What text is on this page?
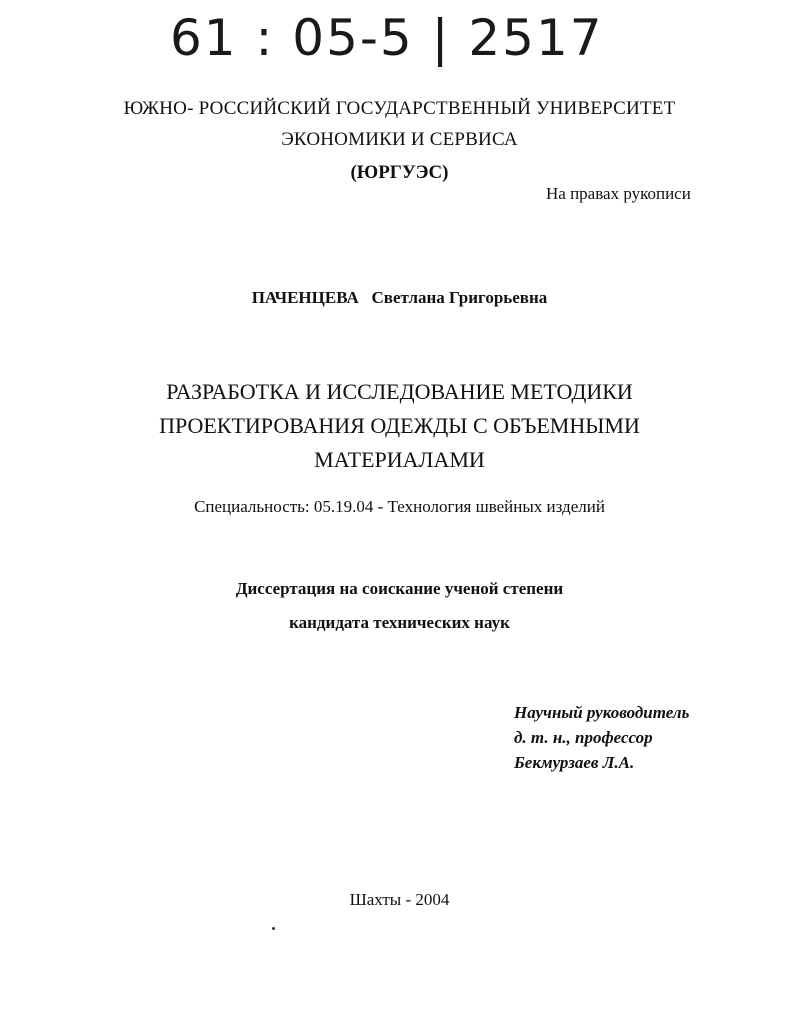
61 : 05-5 | 2517
ЮЖНО- РОССИЙСКИЙ ГОСУДАРСТВЕННЫЙ УНИВЕРСИТЕТ
ЭКОНОМИКИ И СЕРВИСА
(ЮРГУЭС)
На правах рукописи
ПАЧЕНЦЕВА Светлана Григорьевна
РАЗРАБОТКА И ИССЛЕДОВАНИЕ МЕТОДИКИ
ПРОЕКТИРОВАНИЯ ОДЕЖДЫ С ОБЪЕМНЫМИ
МАТЕРИАЛАМИ
Специальность: 05.19.04 - Технология швейных изделий
Диссертация на соискание ученой степени
кандидата технических наук
Научный руководитель
д. т. н., профессор
Бекмурзаев Л.А.
Шахты - 2004
